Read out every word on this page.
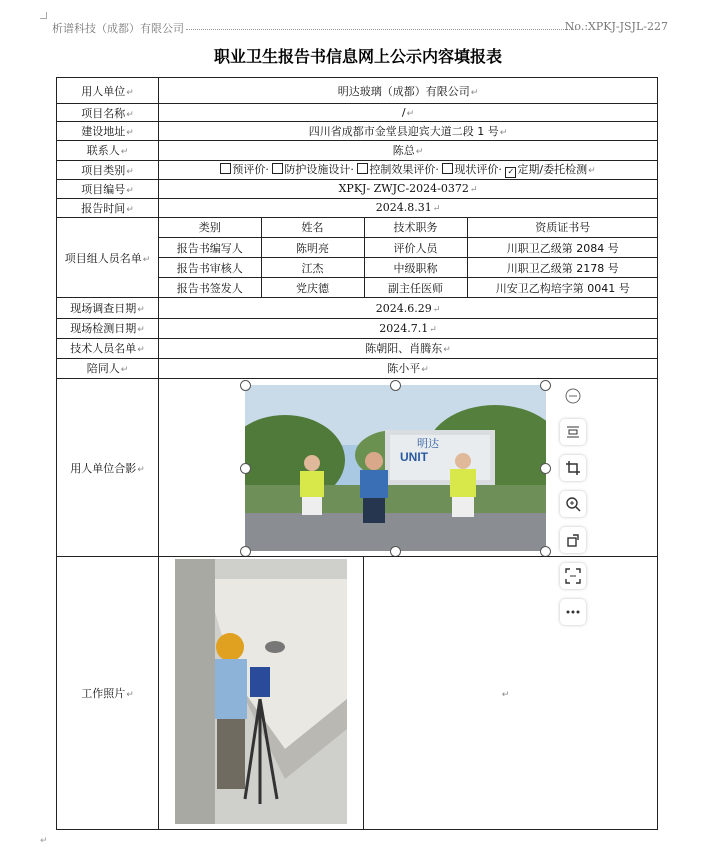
析谱科技（成都）有限公司	No.:XPKJ-JSJL-227
职业卫生报告书信息网上公示内容填报表
用人单位↵	明达玻璃（成都）有限公司↵
项目名称↵	/↵
建设地址↵	四川省成都市金堂县迎宾大道二段 1 号↵
联系人↵	陈总↵
项目类别↵	预评价· 防护设施设计· 控制效果评价· 现状评价· ✓ 定期/委托检测↵
项目编号↵	XPKJ- ZWJC-2024-0372↵
报告时间↵	2024.8.31↵
项目组人员名单↵	
类别	姓名	技术职务	资质证书号
报告书编写人	陈明亮	评价人员	川职卫乙级第 2084 号
报告书审核人	江杰	中级职称	川职卫乙级第 2178 号
报告书签发人	党庆德	副主任医师	川安卫乙构培字第 0041 号

现场调查日期↵	2024.6.29↵
现场检测日期↵	2024.7.1↵
技术人员名单↵	陈朝阳、肖腾东↵
陪同人↵	陈小平↵
用人单位合影↵	
明达
UNIT

工作照片↵		↵
↵
